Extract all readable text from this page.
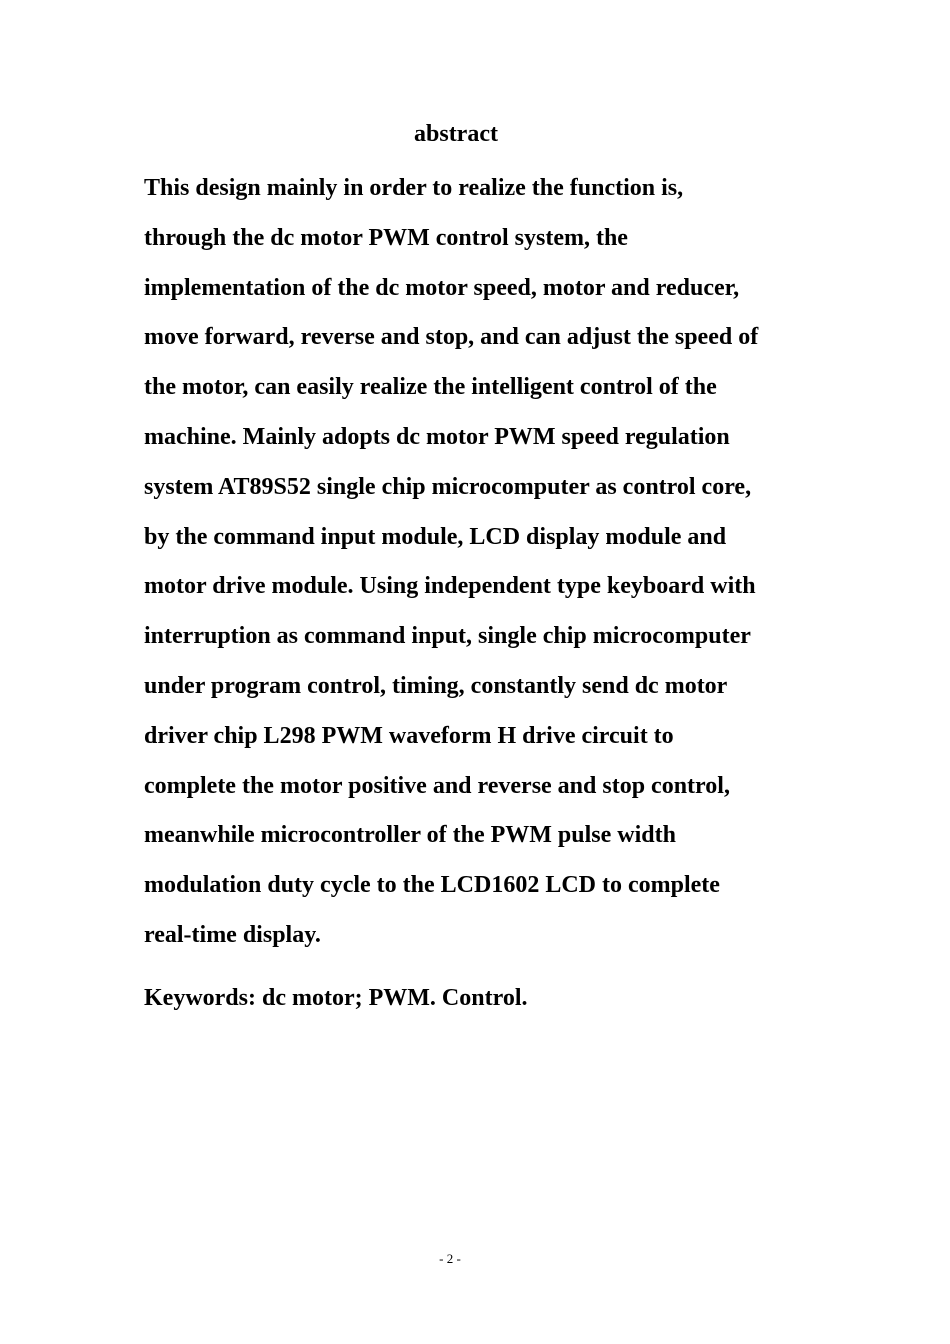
abstract
This design mainly in order to realize the function is,
through the dc motor PWM control system, the
implementation of the dc motor speed, motor and reducer,
move forward, reverse and stop, and can adjust the speed of
the motor, can easily realize the intelligent control of the
machine. Mainly adopts dc motor PWM speed regulation
system AT89S52 single chip microcomputer as control core,
by the command input module, LCD display module and
motor drive module. Using independent type keyboard with
interruption as command input, single chip microcomputer
under program control, timing, constantly send dc motor
driver chip L298 PWM waveform H drive circuit to
complete the motor positive and reverse and stop control,
meanwhile microcontroller of the PWM pulse width
modulation duty cycle to the LCD1602 LCD to complete
real-time display.
Keywords: dc motor; PWM. Control.
- 2 -
